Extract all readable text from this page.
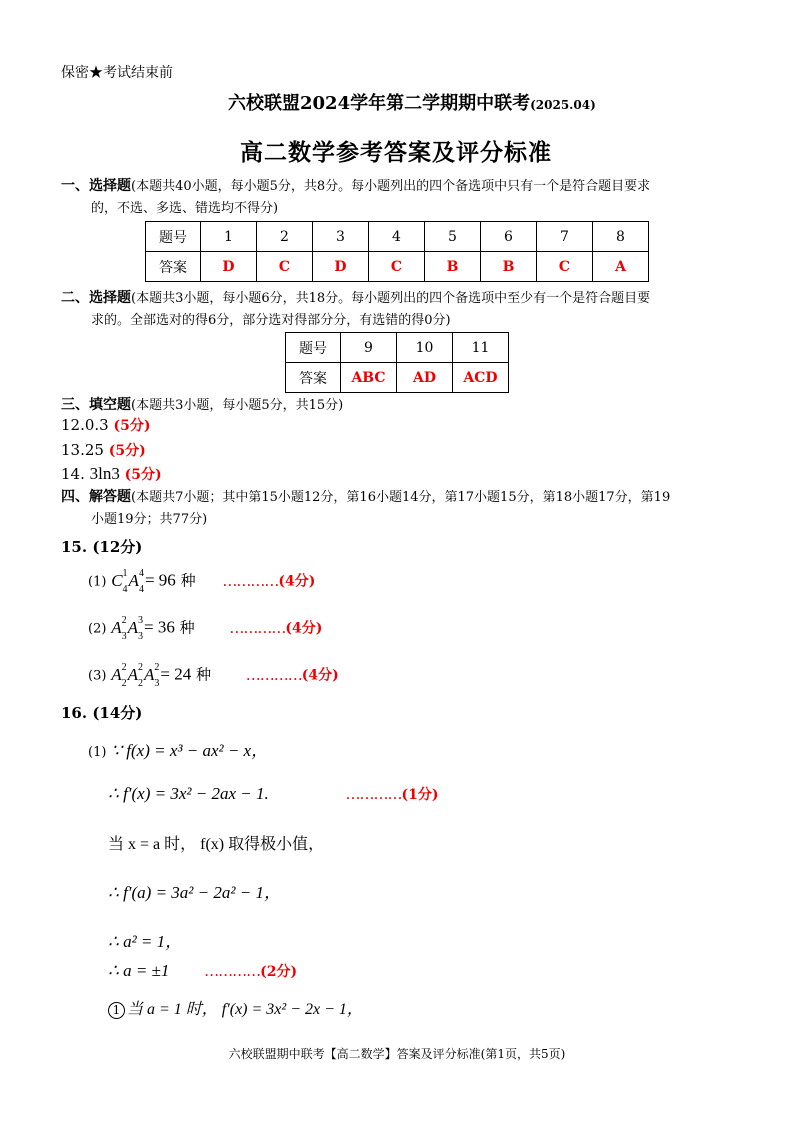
保密★考试结束前
六校联盟2024学年第二学期期中联考(2025.04)
高二数学参考答案及评分标准
一、选择题(本题共40小题，每小题5分，共8分。每小题列出的四个备选项中只有一个是符合题目要求
的，不选、多选、错选均不得分)
题号	1	2	3	4	5	6	7	8
答案	D	C	D	C	B	B	C	A
二、选择题(本题共3小题，每小题6分，共18分。每小题列出的四个备选项中至少有一个是符合题目要
求的。全部选对的得6分，部分选对得部分分，有选错的得0分)
题号	9	10	11
答案	ABC	AD	ACD
三、填空题(本题共3小题，每小题5分，共15分)
12.0.3 (5分)
13.25 (5分)
14. 3ln3 (5分)
四、解答题(本题共7小题；其中第15小题12分，第16小题14分，第17小题15分，第18小题17分，第19
小题19分；共77分)
15. (12分)
(1) $C^1$
$_4A^4$
$_4$= 96 种 …………(4分)
(2) $A^2$
$_3A^3$
$_3$= 36 种 …………(4分)
(3) $A^2$
$_2A^2$
$_2A^2$
$_3$= 24 种 …………(4分)
16. (14分)
(1) ∵ f(x) = x³ − ax² − x，
∴ f′(x) = 3x² − 2ax − 1.	…………(1分)
当 x = a 时， f(x) 取得极小值，
∴ f′(a) = 3a² − 2a² − 1，
∴ a² = 1，
∴ a = ±1 …………(2分)
1 当 a = 1 时， f′(x) = 3x² − 2x − 1，
六校联盟期中联考【高二数学】答案及评分标准(第1页，共5页)
